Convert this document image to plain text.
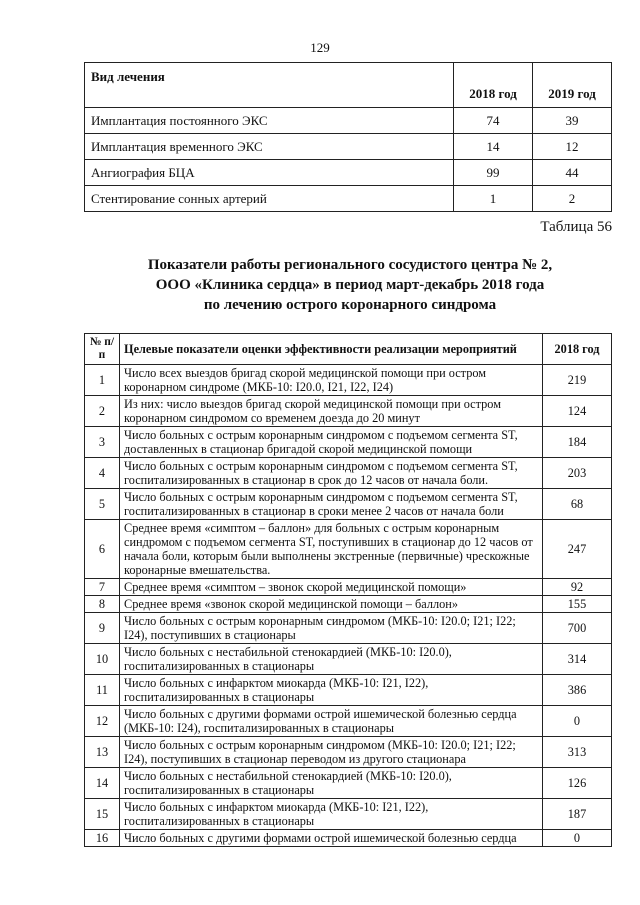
129
Вид лечения	2018 год	2019 год
Имплантация постоянного ЭКС	74	39
Имплантация временного ЭКС	14	12
Ангиография БЦА	99	44
Стентирование сонных артерий	1	2
Таблица 56
Показатели работы регионального сосудистого центра № 2,
ООО «Клиника сердца» в период март-декабрь 2018 года
по лечению острого коронарного синдрома
№ п/п	Целевые показатели оценки эффективности реализации мероприятий	2018 год
1	Число всех выездов бригад скорой медицинской помощи при остром коронарном синдроме (МКБ-10: I20.0, I21, I22, I24)	219
2	Из них: число выездов бригад скорой медицинской помощи при остром коронарном синдромом со временем доезда до 20 минут	124
3	Число больных с острым коронарным синдромом с подъемом сегмента ST, доставленных в стационар бригадой скорой медицинской помощи	184
4	Число больных с острым коронарным синдромом с подъемом сегмента ST, госпитализированных в стационар в срок до 12 часов от начала боли.	203
5	Число больных с острым коронарным синдромом с подъемом сегмента ST, госпитализированных в стационар в сроки менее 2 часов от начала боли	68
6	Среднее время «симптом – баллон» для больных с острым коронарным синдромом с подъемом сегмента ST, поступивших в стационар до 12 часов от начала боли, которым были выполнены экстренные (первичные) чрескожные коронарные вмешательства.	247
7	Среднее время «симптом – звонок скорой медицинской помощи»	92
8	Среднее время «звонок скорой медицинской помощи – баллон»	155
9	Число больных с острым коронарным синдромом (МКБ-10: I20.0; I21; I22; I24), поступивших в стационары	700
10	Число больных с нестабильной стенокардией (МКБ-10: I20.0), госпитализированных в стационары	314
11	Число больных с инфарктом миокарда (МКБ-10: I21, I22), госпитализированных в стационары	386
12	Число больных с другими формами острой ишемической болезнью сердца (МКБ-10: I24), госпитализированных в стационары	0
13	Число больных с острым коронарным синдромом (МКБ-10: I20.0; I21; I22; I24), поступивших в стационар переводом из другого стационара	313
14	Число больных с нестабильной стенокардией (МКБ-10: I20.0), госпитализированных в стационары	126
15	Число больных с инфарктом миокарда (МКБ-10: I21, I22), госпитализированных в стационары	187
16	Число больных с другими формами острой ишемической болезнью сердца	0
